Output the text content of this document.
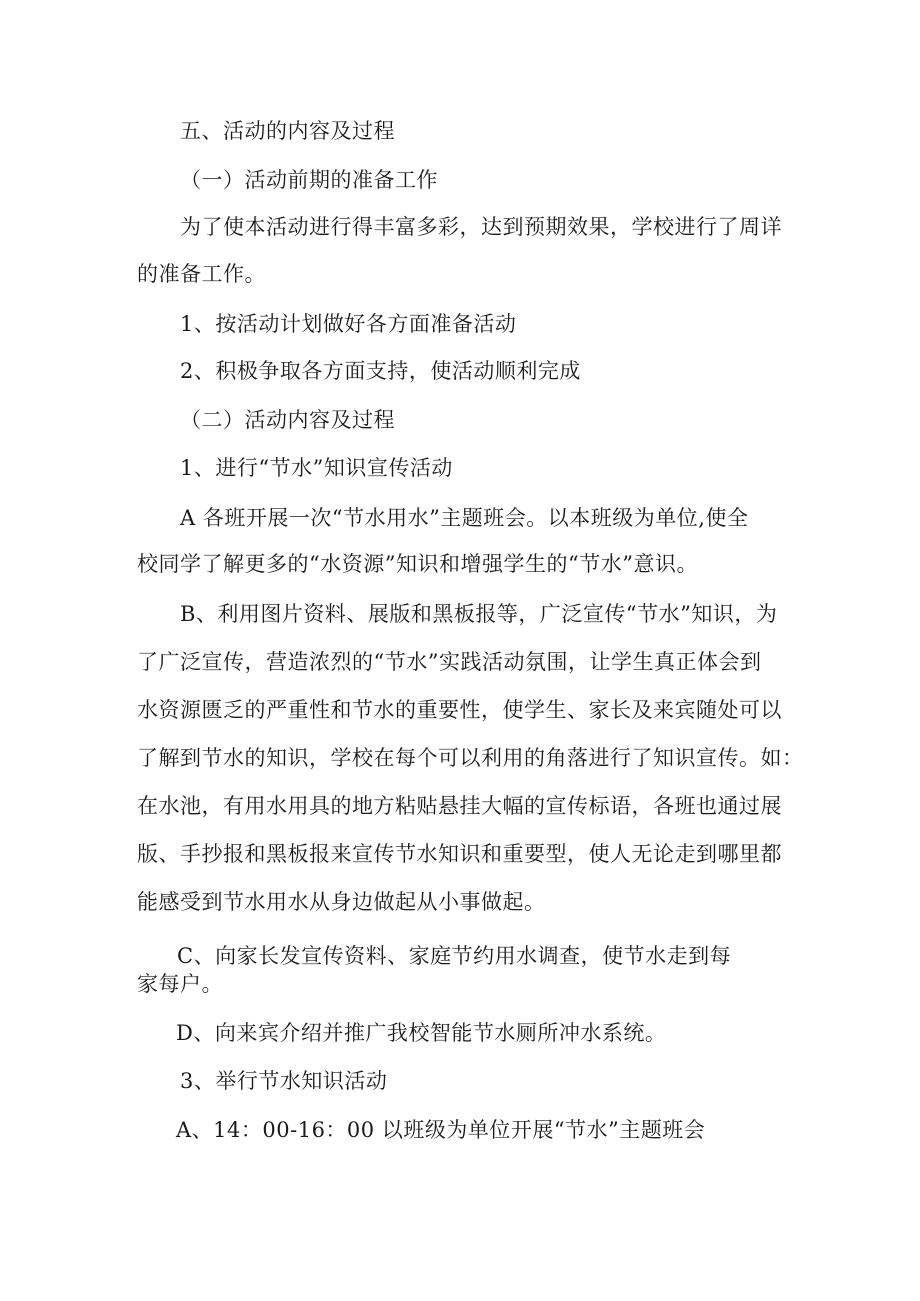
五、活动的内容及过程
（一）活动前期的准备工作
为了使本活动进行得丰富多彩，达到预期效果，学校进行了周详
的准备工作。
1、按活动计划做好各方面准备活动
2、积极争取各方面支持，使活动顺利完成
（二）活动内容及过程
1、进行“节水”知识宣传活动
A 各班开展一次“节水用水”主题班会。以本班级为单位,使全
校同学了解更多的“水资源”知识和增强学生的“节水”意识。
B、利用图片资料、展版和黑板报等，广泛宣传“节水”知识，为
了广泛宣传，营造浓烈的“节水”实践活动氛围，让学生真正体会到
水资源匮乏的严重性和节水的重要性，使学生、家长及来宾随处可以
了解到节水的知识，学校在每个可以利用的角落进行了知识宣传。如：
在水池，有用水用具的地方粘贴悬挂大幅的宣传标语，各班也通过展
版、手抄报和黑板报来宣传节水知识和重要型，使人无论走到哪里都
能感受到节水用水从身边做起从小事做起。
C、向家长发宣传资料、家庭节约用水调查，使节水走到每
家每户。
D、向来宾介绍并推广我校智能节水厕所冲水系统。
3、举行节水知识活动
A、14：00-16：00 以班级为单位开展“节水”主题班会
